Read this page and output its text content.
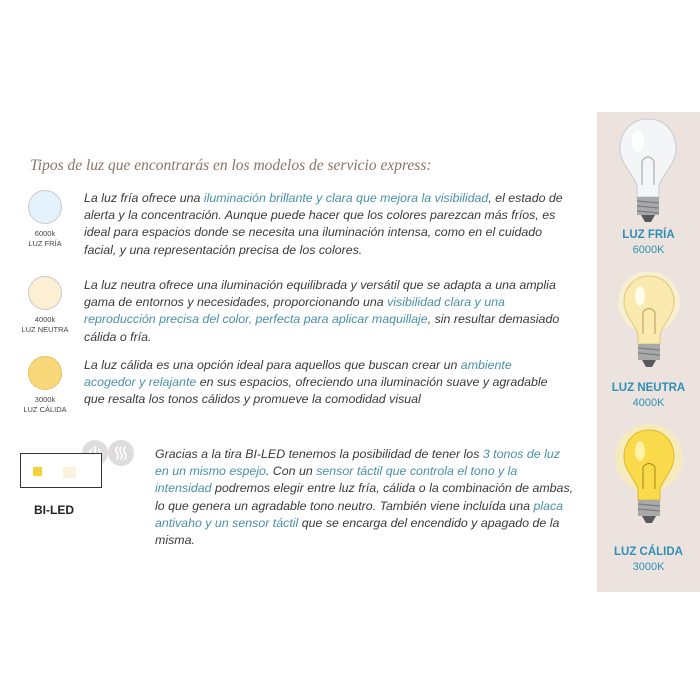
Tipos de luz que encontrarás en los modelos de servicio express:
6000k
LUZ FRÍA
4000k
LUZ NEUTRA
3000k
LUZ CÁLIDA
La luz fría ofrece una iluminación brillante y clara que mejora la visibilidad, el estado de alerta y la concentración. Aunque puede hacer que los colores parezcan más fríos, es ideal para espacios donde se necesita una iluminación intensa, como en el cuidado facial, y una representación precisa de los colores.
La luz neutra ofrece una iluminación equilibrada y versátil que se adapta a una amplia gama de entornos y necesidades, proporcionando una visibilidad clara y una reproducción precisa del color, perfecta para aplicar maquillaje, sin resultar demasiado cálida o fría.
La luz cálida es una opción ideal para aquellos que buscan crear un ambiente acogedor y relajante en sus espacios, ofreciendo una iluminación suave y agradable que resalta los tonos cálidos y promueve la comodidad visual
Gracias a la tira BI-LED tenemos la posibilidad de tener los 3 tonos de luz en un mismo espejo. Con un sensor táctil que controla el tono y la intensidad podremos elegir entre luz fría, cálida o la combinación de ambas, lo que genera un agradable tono neutro. También viene incluída una placa antivaho y un sensor táctil que se encarga del encendido y apagado de la misma.
BI-LED
LUZ FRÍA
6000K
LUZ NEUTRA
4000K
LUZ CÁLIDA
3000K
